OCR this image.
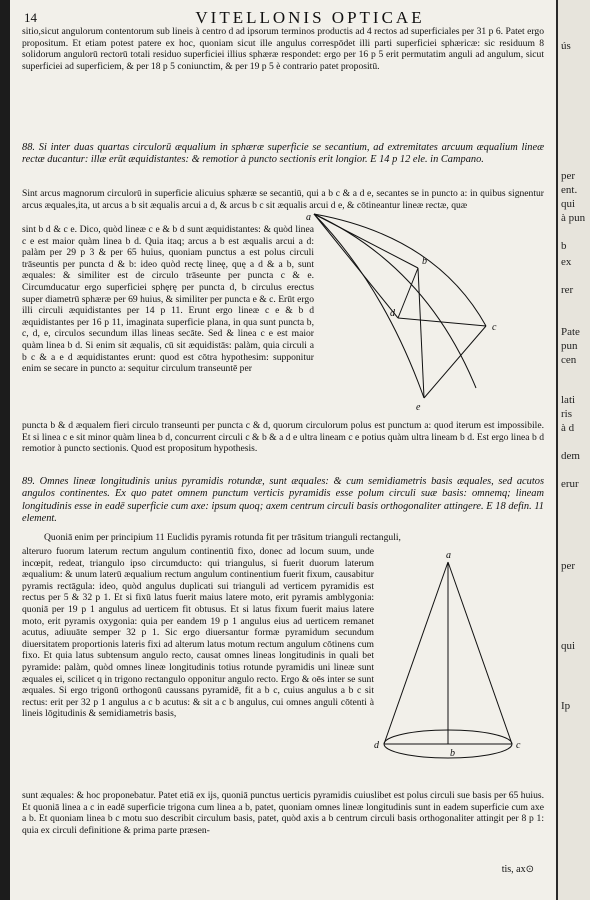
14	VITELLONIS OPTICAE

sitio,sicut angulorum contentorum sub lineis à centro d ad ipsorum terminos productis ad 4 rectos ad superficiales per 31 p 6. Patet ergo propositum. Et etiam potest patere ex hoc, quoniam sicut ille angulus correspōdet illi parti superficiei sphæricæ: sic residuum 8 solidorum angulorū rectorū totali residuo superficiei illius sphæræ respondet: ergo per 16 p 5 erit permutatim anguli ad angulum, sicut superficiei ad superficiem, & per 18 p 5 coniunctim, & per 19 p 5 è contrario patet propositū.

88. Si inter duas quartas circulorū æqualium in sphæræ superficie se secantium, ad extremitates arcuum æqualium lineæ rectæ ducantur: illæ erūt æquidistantes: & remotior à puncto sectionis erit longior. E 14 p 12 ele. in Campano.

Sint arcus magnorum circulorū in superficie alicuius sphæræ se secantiū, qui a b c & a d e, secantes se in puncto a: in quibus signentur arcus æquales,ita, ut arcus a b sit æqualis arcui a d, & arcus b c sit æqualis arcui d e, & cōtineantur lineæ rectæ, quæ

sint b d & c e. Dico, quòd lineæ c e & b d sunt æquidistantes: & quòd linea c e est maior quàm linea b d. Quia itaq; arcus a b est æqualis arcui a d: palàm per 29 p 3 & per 65 huius, quoniam punctus a est polus circuli trāseuntis per puncta d & b: ideo quòd rectę lineę, quę a d & a b, sunt æquales: & similiter est de circulo trāseunte per puncta c & e. Circumducatur ergo superficiei sphęrę per puncta d, b circulus erectus super diametrū sphæræ per 69 huius, & similiter per puncta e & c. Erūt ergo illi circuli æquidistantes per 14 p 11. Erunt ergo lineæ c e & b d æquidistantes per 16 p 11, imaginata superficie plana, in qua sunt puncta b, c, d, e, circulos secundum illas lineas secāte. Sed & linea c e est maior quàm linea b d. Si enim sit æqualis, cū sit æquidistās: palàm, quia circuli a b c & a e d æquidistantes erunt: quod est cōtra hypothesim: supponitur enim se secare in puncto a: sequitur circulum transeuntē per

a
b
c
d
e

puncta b & d æqualem fieri circulo transeunti per puncta c & d, quorum circulorum polus est punctum a: quod iterum est impossibile. Et si linea c e sit minor quàm linea b d, concurrent circuli c & b & a d e ultra lineam c e potius quàm ultra lineam b d. Est ergo linea b d remotior à puncto sectionis. Quod est propositum hypothesis.

89. Omnes lineæ longitudinis unius pyramidis rotundæ, sunt æquales: & cum semidiametris basis æquales, sed acutos angulos continentes. Ex quo patet omnem punctum verticis pyramidis esse polum circuli suæ basis: omnemq; lineam longitudinis esse in eadē superficie cum axe: ipsum quoq; axem centrum circuli basis orthogonaliter attingere. E 18 defin. 11 element.

Quoniā enim per principium 11 Euclidis pyramis rotunda fit per trāsitum trianguli rectanguli,

alteruro fuorum laterum rectum angulum continentiū fixo, donec ad locum suum, unde incœpit, redeat, triangulo ipso circumducto: qui triangulus, si fuerit duorum laterum æqualium: & unum laterū æqualium rectum angulum continentium fuerit fixum, causabitur pyramis rectāgula: ideo, quòd angulus duplicati sui trianguli ad verticem pyramidis est rectus per 5 & 32 p 1. Et si fixū latus fuerit maius latere moto, erit pyramis amblygonia: quoniā per 19 p 1 angulus ad uerticem fit obtusus. Et si latus fixum fuerit maius latere moto, erit pyramis oxygonia: quia per eandem 19 p 1 angulus eius ad uerticem remanet acutus, adiuuāte semper 32 p 1. Sic ergo diuersantur formæ pyramidum secundum diuersitatem proportionis lateris fixi ad alterum latus motum rectum angulum cōtinens cum fixo. Et quia latus subtensum angulo recto, causat omnes lineas longitudinis in quali bet pyramide: palàm, quòd omnes lineæ longitudinis totius rotunde pyramidis uni lineæ sunt æquales ei, scilicet q in trigono rectangulo opponitur angulo recto. Ergo & oēs inter se sunt æquales. Si ergo trigonū orthogonū caussans pyramidē, fit a b c, cuius angulus a b c sit rectus: erit per 32 p 1 angulus a c b acutus: & sit a c b angulus, cui omnes anguli cōtenti à lineis lōgitudinis & semidiametris basis,

a
b
c
d

sunt æquales: & hoc proponebatur. Patet etiā ex ijs, quoniā punctus uerticis pyramidis cuiuslibet est polus circuli sue basis per 65 huius. Et quoniā linea a c in eadē superficie trigona cum linea a b, patet, quoniam omnes lineæ longitudinis sunt in eadem superficie cum axe a b. Et quoniam linea b c motu suo describit circulum basis, patet, quòd axis a b centrum circuli basis orthogonaliter attingit per 8 p 1: quia ex circuli definitione & prima parte præsen-

tis, ax⊙
ús
per
ent.
qui
à pun
b
ex
rer
Pate
pun
cen
lati
ris
à d
dem
erur
per
qui
Ip
